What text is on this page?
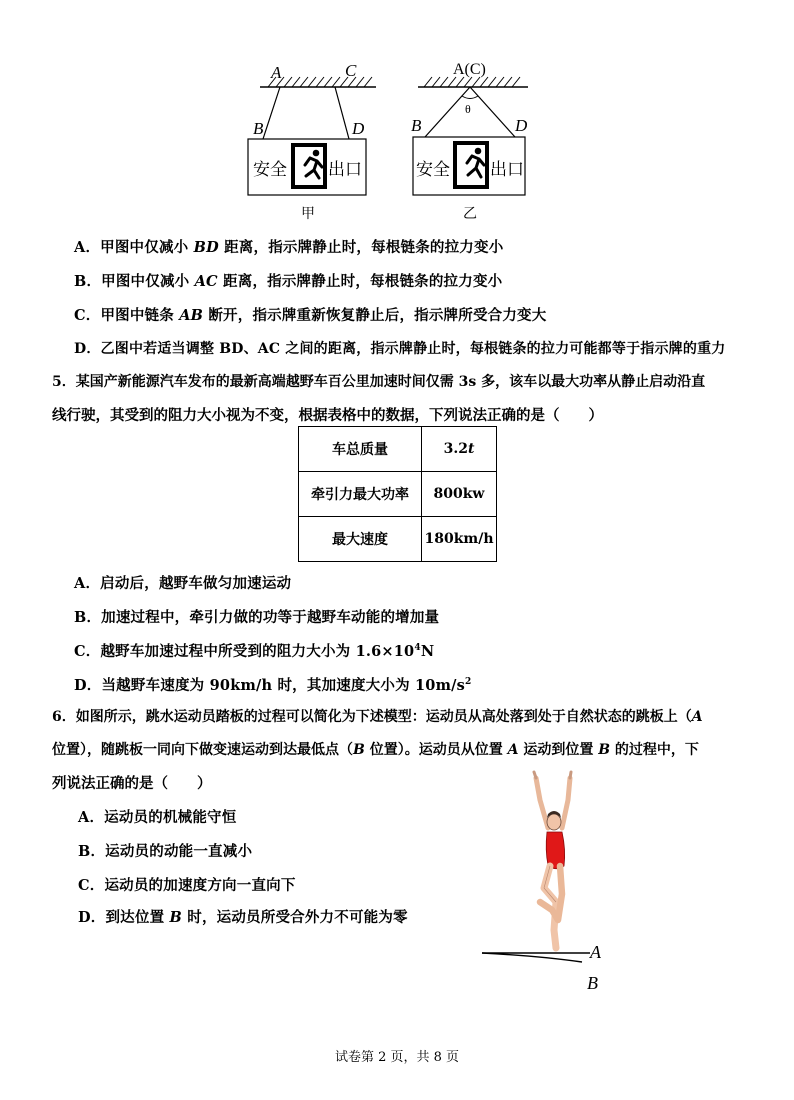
A	C
B	D
安全 出口
甲
A(C)
θ
B	D
安全 出口
乙
A．甲图中仅减小 BD 距离，指示牌静止时，每根链条的拉力变小
B．甲图中仅减小 AC 距离，指示牌静止时，每根链条的拉力变小
C．甲图中链条 AB 断开，指示牌重新恢复静止后，指示牌所受合力变大
D．乙图中若适当调整 BD、AC 之间的距离，指示牌静止时，每根链条的拉力可能都等于指示牌的重力
5．某国产新能源汽车发布的最新高端越野车百公里加速时间仅需 3s 多，该车以最大功率从静止启动沿直
线行驶，其受到的阻力大小视为不变，根据表格中的数据，下列说法正确的是（　　）
车总质量	3.2t
牵引力最大功率	800kw
最大速度	180km/h
A．启动后，越野车做匀加速运动
B．加速过程中，牵引力做的功等于越野车动能的增加量
C．越野车加速过程中所受到的阻力大小为 $1.6\times 10^4N$
D．当越野车速度为 90km/h 时，其加速度大小为 $10m/s^2$
6．如图所示，跳水运动员踏板的过程可以简化为下述模型：运动员从高处落到处于自然状态的跳板上（A
位置），随跳板一同向下做变速运动到达最低点（B 位置）。运动员从位置 A 运动到位置 B 的过程中，下
列说法正确的是（　　）
A．运动员的机械能守恒
B．运动员的动能一直减小
C．运动员的加速度方向一直向下
D．到达位置 B 时，运动员所受合外力不可能为零
A
B
试卷第 2 页，共 8 页
